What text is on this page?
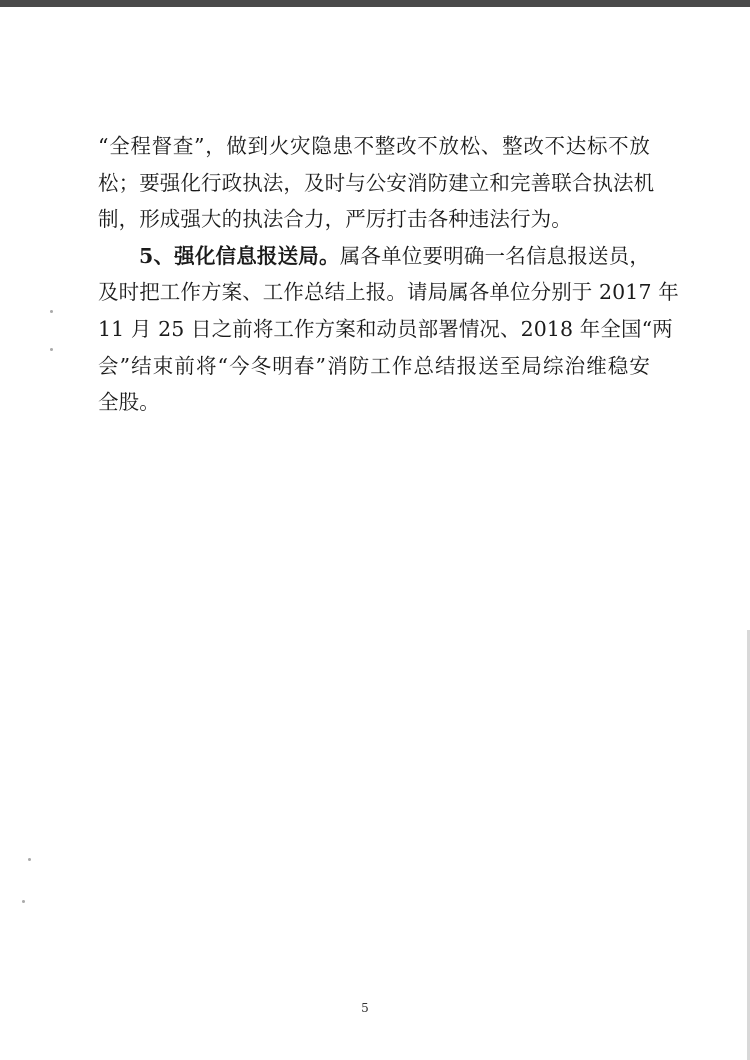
“全程督查”，做到火灾隐患不整改不放松、整改不达标不放
松；要强化行政执法，及时与公安消防建立和完善联合执法机
制，形成强大的执法合力，严厉打击各种违法行为。
5、强化信息报送局。属各单位要明确一名信息报送员，
及时把工作方案、工作总结上报。请局属各单位分别于 2017 年
11 月 25 日之前将工作方案和动员部署情况、2018 年全国“两
会”结束前将“今冬明春”消防工作总结报送至局综治维稳安
全股。
5
